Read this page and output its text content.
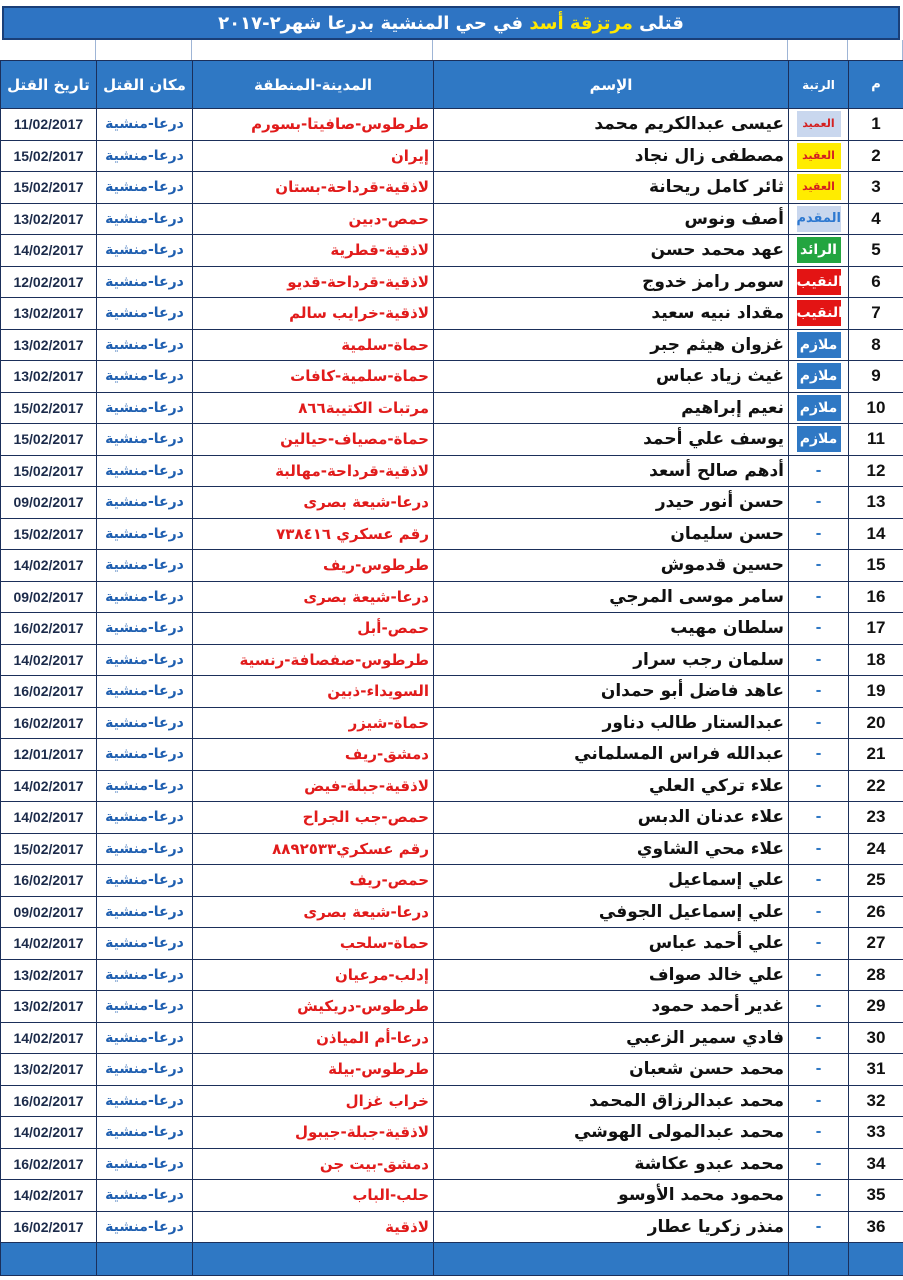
قتلى مرتزقة أسد في حي المنشية بدرعا شهر٢-٢٠١٧
تاريخ القتل	مكان القتل	المدينة-المنطقة	الإسم	الرتبة	م
11/02/2017	درعا-منشية	طرطوس-صافيتا-بسورم	عيسى عبدالكريم محمد	العميد	1
15/02/2017	درعا-منشية	إيران	مصطفى زال نجاد	العقيد	2
15/02/2017	درعا-منشية	لاذقية-قرداحة-بستان	ثائر كامل ريحانة	العقيد	3
13/02/2017	درعا-منشية	حمص-دبين	أصف ونوس	المقدم	4
14/02/2017	درعا-منشية	لاذقية-قطرية	عهد محمد حسن	الرائد	5
12/02/2017	درعا-منشية	لاذقية-قرداحة-قديو	سومر رامز خدوج	النقيب	6
13/02/2017	درعا-منشية	لاذقية-خرايب سالم	مقداد نبيه سعيد	النقيب	7
13/02/2017	درعا-منشية	حماة-سلمية	غزوان هيثم جبر	ملازم	8
13/02/2017	درعا-منشية	حماة-سلمية-كافات	غيث زياد عباس	ملازم	9
15/02/2017	درعا-منشية	مرتبات الكتيبة٨٦٦	نعيم إبراهيم	ملازم	10
15/02/2017	درعا-منشية	حماة-مصياف-حيالين	يوسف علي أحمد	ملازم	11
15/02/2017	درعا-منشية	لاذقية-قرداحة-مهالبة	أدهم صالح أسعد	-	12
09/02/2017	درعا-منشية	درعا-شيعة بصرى	حسن أنور حيدر	-	13
15/02/2017	درعا-منشية	رقم عسكري ٧٣٨٤١٦	حسن سليمان	-	14
14/02/2017	درعا-منشية	طرطوس-ريف	حسين قدموش	-	15
09/02/2017	درعا-منشية	درعا-شيعة بصرى	سامر موسى المرجي	-	16
16/02/2017	درعا-منشية	حمص-أبل	سلطان مهيب	-	17
14/02/2017	درعا-منشية	طرطوس-صفصافة-رنسية	سلمان رجب سرار	-	18
16/02/2017	درعا-منشية	السويداء-ذبين	عاهد فاضل أبو حمدان	-	19
16/02/2017	درعا-منشية	حماة-شيزر	عبدالستار طالب دناور	-	20
12/01/2017	درعا-منشية	دمشق-ريف	عبدالله فراس المسلماني	-	21
14/02/2017	درعا-منشية	لاذقية-جبلة-فيض	علاء تركي العلي	-	22
14/02/2017	درعا-منشية	حمص-جب الجراح	علاء عدنان الدبس	-	23
15/02/2017	درعا-منشية	رقم عسكري٨٨٩٢٥٣٣	علاء محي الشاوي	-	24
16/02/2017	درعا-منشية	حمص-ريف	علي إسماعيل	-	25
09/02/2017	درعا-منشية	درعا-شيعة بصرى	علي إسماعيل الجوفي	-	26
14/02/2017	درعا-منشية	حماة-سلحب	علي أحمد عباس	-	27
13/02/2017	درعا-منشية	إدلب-مرعيان	علي خالد صواف	-	28
13/02/2017	درعا-منشية	طرطوس-دريكيش	غدير أحمد حمود	-	29
14/02/2017	درعا-منشية	درعا-أم المياذن	فادي سمير الزعبي	-	30
13/02/2017	درعا-منشية	طرطوس-بيلة	محمد حسن شعبان	-	31
16/02/2017	درعا-منشية	خراب غزال	محمد عبدالرزاق المحمد	-	32
14/02/2017	درعا-منشية	لاذقية-جبلة-جيبول	محمد عبدالمولى الهوشي	-	33
16/02/2017	درعا-منشية	دمشق-بيت جن	محمد عبدو عكاشة	-	34
14/02/2017	درعا-منشية	حلب-الباب	محمود محمد الأوسو	-	35
16/02/2017	درعا-منشية	لاذقية	منذر زكريا عطار	-	36
